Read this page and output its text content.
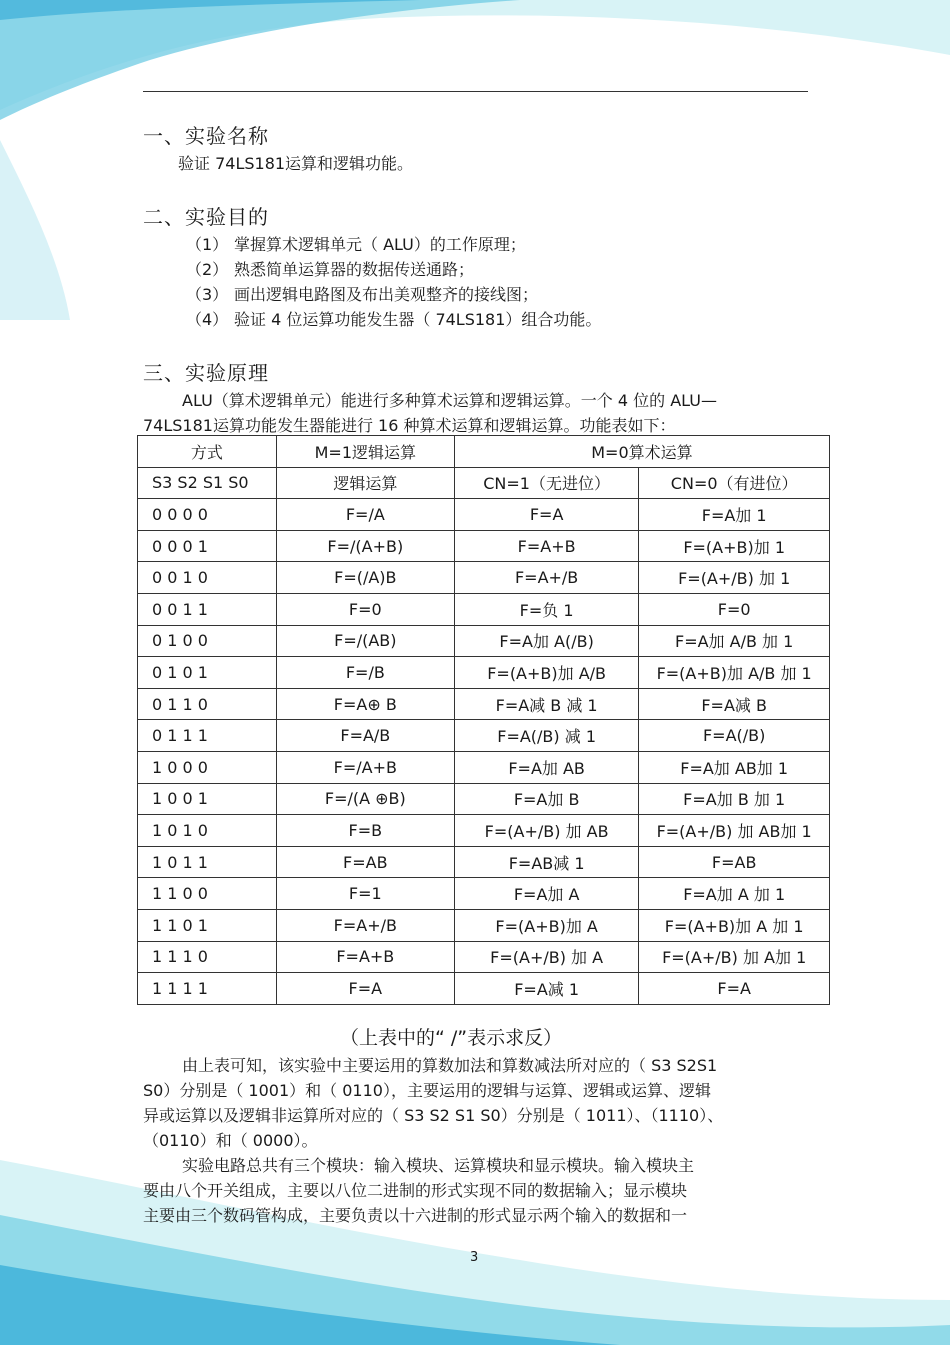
一、实验名称
验证 74LS181运算和逻辑功能。
二、实验目的
（1） 掌握算术逻辑单元（ ALU）的工作原理；
（2） 熟悉简单运算器的数据传送通路；
（3） 画出逻辑电路图及布出美观整齐的接线图；
（4） 验证 4 位运算功能发生器（ 74LS181）组合功能。
三、实验原理
ALU（算术逻辑单元）能进行多种算术运算和逻辑运算。一个 4 位的 ALU—
74LS181运算功能发生器能进行 16 种算术运算和逻辑运算。功能表如下：
方式	M=1逻辑运算	M=0算术运算	
S3 S2 S1 S0	逻辑运算	CN=1（无进位）	CN=0（有进位）
0 0 0 0	F=/A	F=A	F=A加 1
0 0 0 1	F=/(A+B)	F=A+B	F=(A+B)加 1
0 0 1 0	F=(/A)B	F=A+/B	F=(A+/B) 加 1
0 0 1 1	F=0	F=负 1	F=0
0 1 0 0	F=/(AB)	F=A加 A(/B)	F=A加 A/B 加 1
0 1 0 1	F=/B	F=(A+B)加 A/B	F=(A+B)加 A/B 加 1
0 1 1 0	F=A⊕ B	F=A减 B 减 1	F=A减 B
0 1 1 1	F=A/B	F=A(/B) 减 1	F=A(/B)
1 0 0 0	F=/A+B	F=A加 AB	F=A加 AB加 1
1 0 0 1	F=/(A ⊕B)	F=A加 B	F=A加 B 加 1
1 0 1 0	F=B	F=(A+/B) 加 AB	F=(A+/B) 加 AB加 1
1 0 1 1	F=AB	F=AB减 1	F=AB
1 1 0 0	F=1	F=A加 A	F=A加 A 加 1
1 1 0 1	F=A+/B	F=(A+B)加 A	F=(A+B)加 A 加 1
1 1 1 0	F=A+B	F=(A+/B) 加 A	F=(A+/B) 加 A加 1
1 1 1 1	F=A	F=A减 1	F=A
（上表中的“ /”表示求反）
由上表可知，该实验中主要运用的算数加法和算数减法所对应的（ S3 S2S1
S0）分别是（ 1001）和（ 0110），主要运用的逻辑与运算、逻辑或运算、逻辑
异或运算以及逻辑非运算所对应的（ S3 S2 S1 S0）分别是（ 1011）、（1110）、
（0110）和（ 0000）。
实验电路总共有三个模块：输入模块、运算模块和显示模块。输入模块主
要由八个开关组成，主要以八位二进制的形式实现不同的数据输入；显示模块
主要由三个数码管构成，主要负责以十六进制的形式显示两个输入的数据和一
3
